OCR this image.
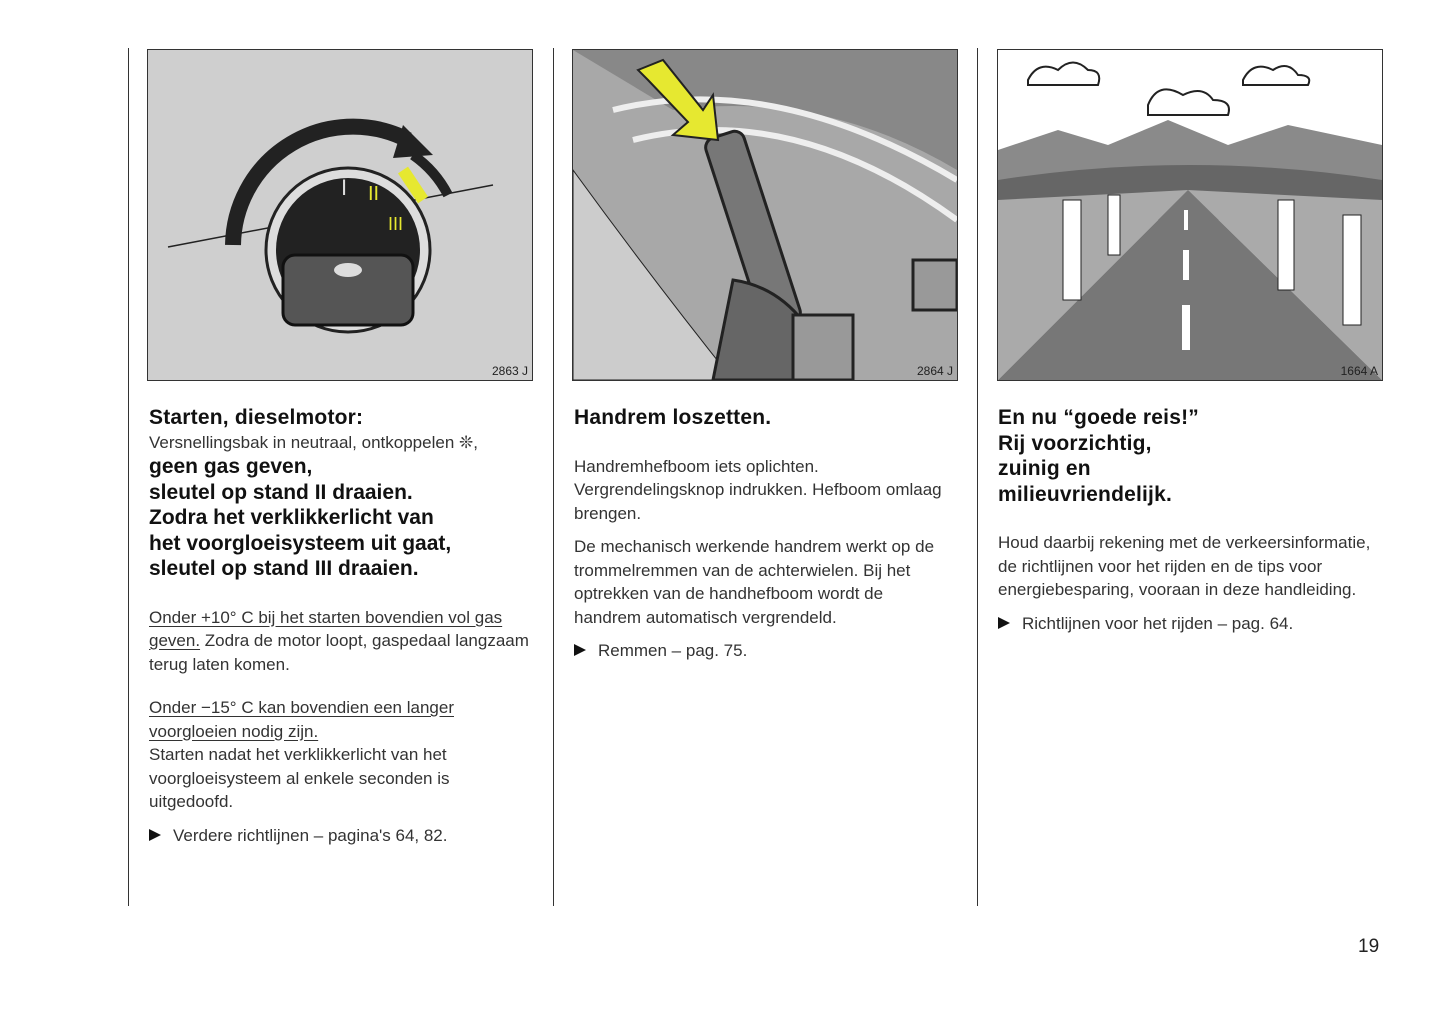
I II
III
2863 J	2864 J	1664 A
Starten, dieselmotor:

Versnellingsbak in neutraal, ontkoppelen ❊,

geen gas geven,
sleutel op stand II draaien.
Zodra het verklikkerlicht van
het voorgloeisysteem uit gaat,
sleutel op stand III draaien.

Onder +10° C bij het starten bovendien vol gas geven. Zodra de motor loopt, gaspedaal langzaam terug laten komen.

Onder −15° C kan bovendien een langer voorgloeien nodig zijn.
Starten nadat het verklikkerlicht van het voorgloeisysteem al enkele seconden is uitgedoofd.

Verdere richtlijnen – pagina's 64, 82.
Handrem loszetten.

Handremhefboom iets oplichten. Vergrendelingsknop indrukken. Hefboom omlaag brengen.

De mechanisch werkende handrem werkt op de trommelremmen van de achterwielen. Bij het optrekken van de handhefboom wordt de handrem automatisch vergrendeld.

Remmen – pag. 75.
En nu “goede reis!”
Rij voorzichtig,
zuinig en
milieuvriendelijk.

Houd daarbij rekening met de verkeersinformatie, de richtlijnen voor het rijden en de tips voor energiebesparing, vooraan in deze handleiding.

Richtlijnen voor het rijden – pag. 64.
19
